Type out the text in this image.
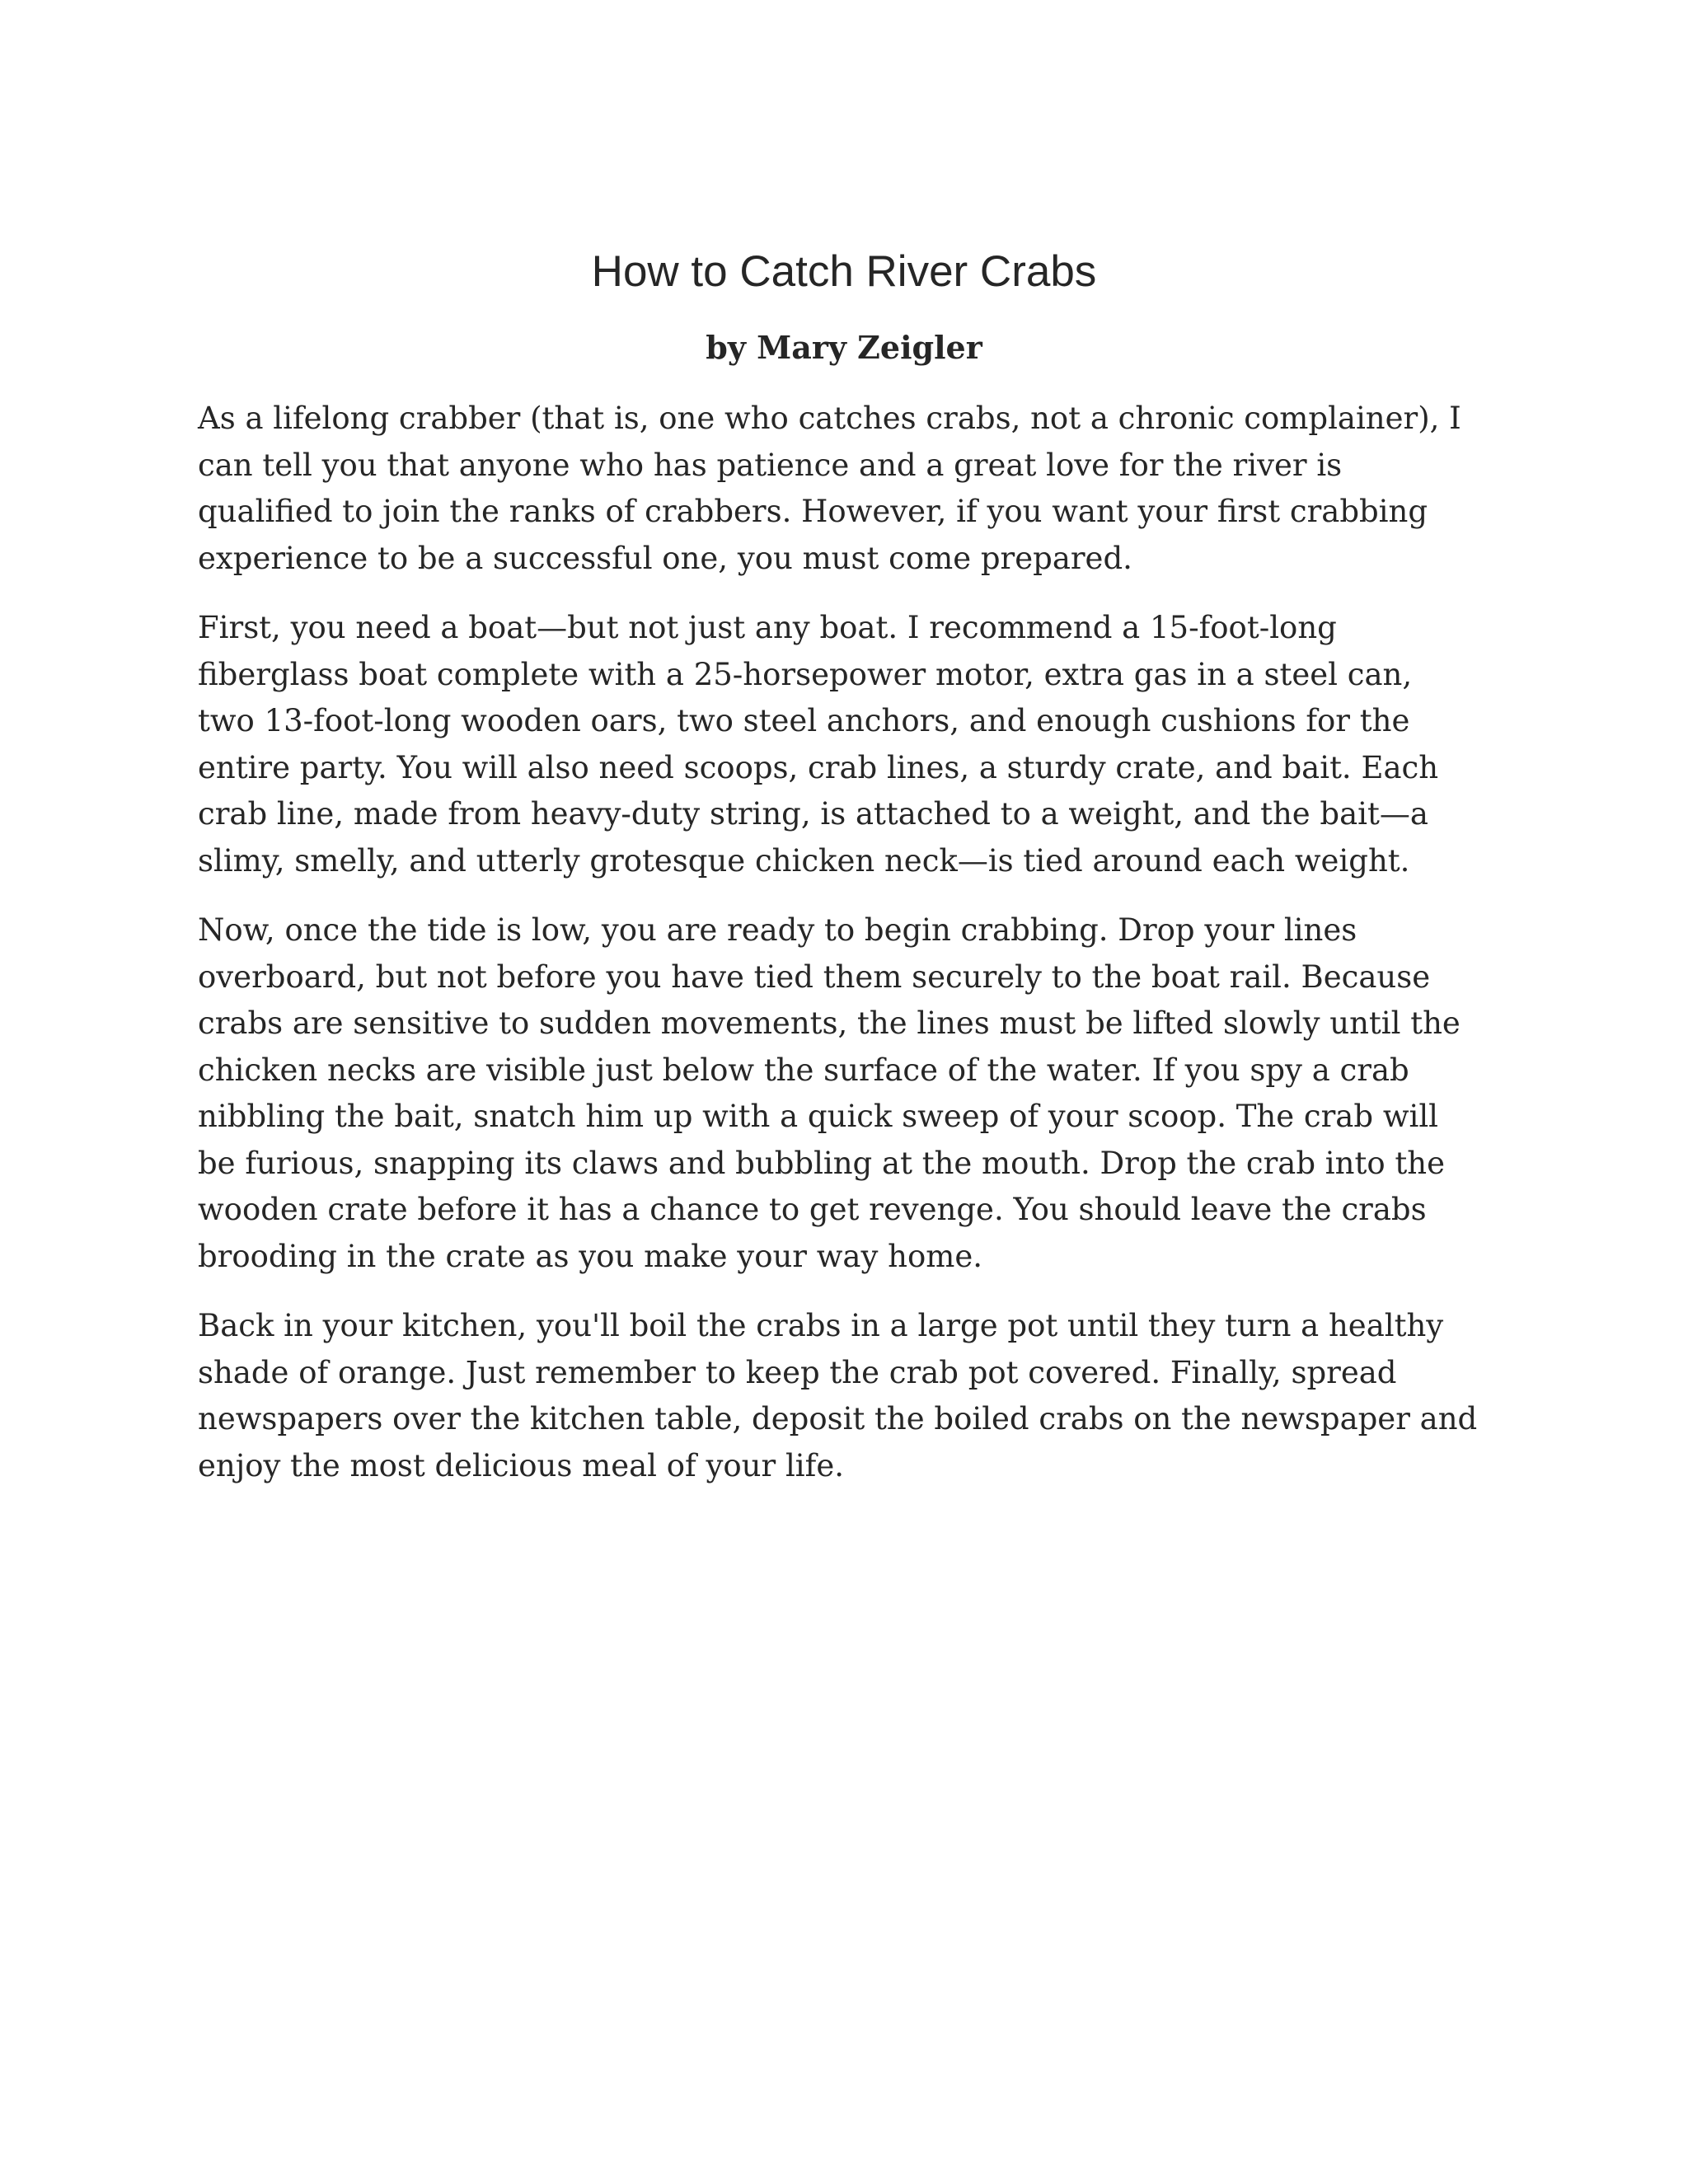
How to Catch River Crabs
by Mary Zeigler

As a lifelong crabber (that is, one who catches crabs, not a chronic complainer), I
can tell you that anyone who has patience and a great love for the river is
qualified to join the ranks of crabbers. However, if you want your first crabbing
experience to be a successful one, you must come prepared.

First, you need a boat—but not just any boat. I recommend a 15-foot-long
fiberglass boat complete with a 25-horsepower motor, extra gas in a steel can,
two 13-foot-long wooden oars, two steel anchors, and enough cushions for the
entire party. You will also need scoops, crab lines, a sturdy crate, and bait. Each
crab line, made from heavy-duty string, is attached to a weight, and the bait—a
slimy, smelly, and utterly grotesque chicken neck—is tied around each weight.

Now, once the tide is low, you are ready to begin crabbing. Drop your lines
overboard, but not before you have tied them securely to the boat rail. Because
crabs are sensitive to sudden movements, the lines must be lifted slowly until the
chicken necks are visible just below the surface of the water. If you spy a crab
nibbling the bait, snatch him up with a quick sweep of your scoop. The crab will
be furious, snapping its claws and bubbling at the mouth. Drop the crab into the
wooden crate before it has a chance to get revenge. You should leave the crabs
brooding in the crate as you make your way home.

Back in your kitchen, you'll boil the crabs in a large pot until they turn a healthy
shade of orange. Just remember to keep the crab pot covered. Finally, spread
newspapers over the kitchen table, deposit the boiled crabs on the newspaper and
enjoy the most delicious meal of your life.
